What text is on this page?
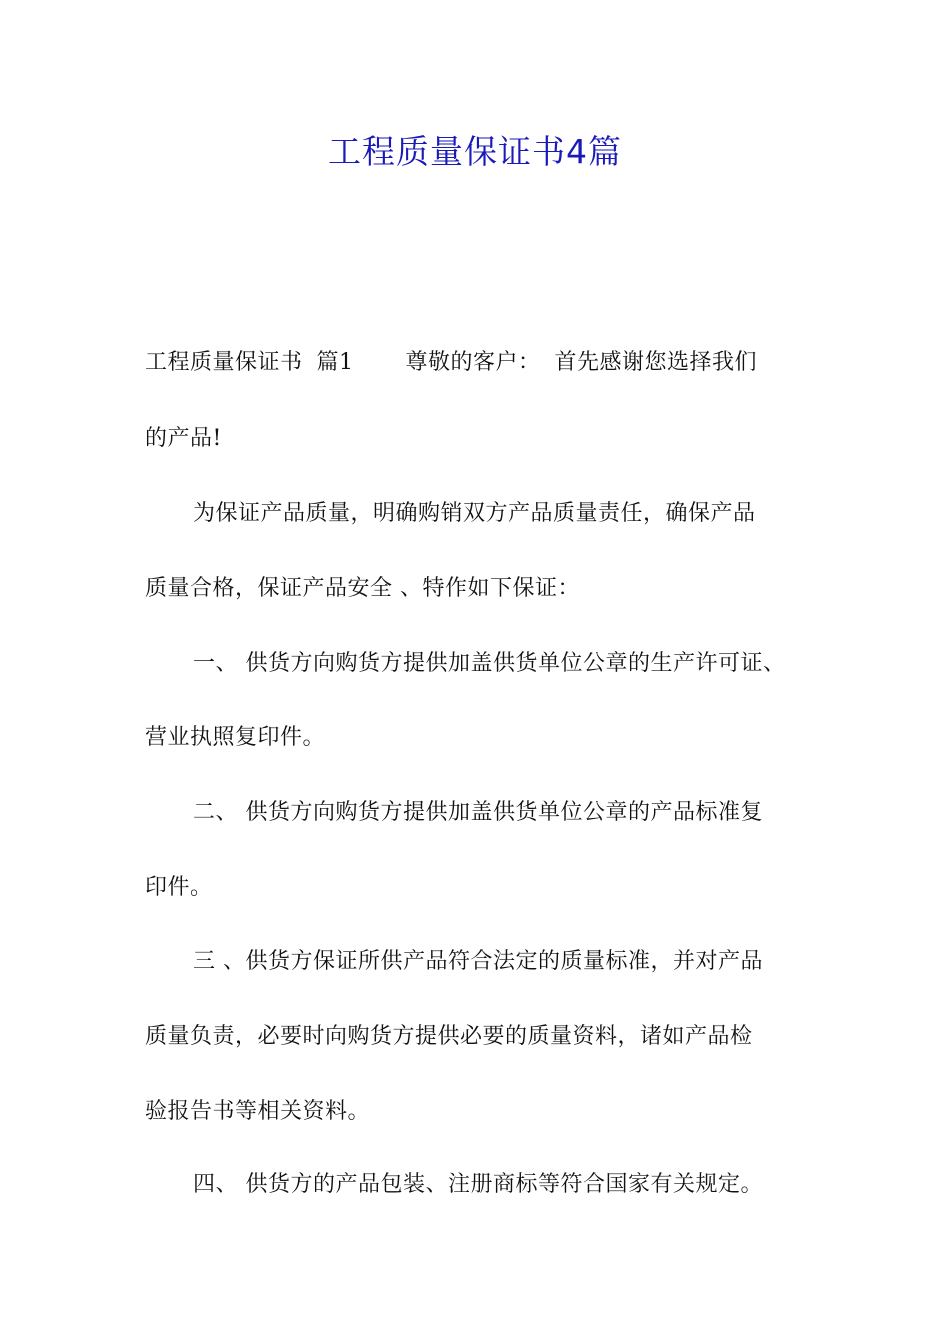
工程质量保证书4篇
工程质量保证书 篇1 尊敬的客户： 首先感谢您选择我们
的产品!
为保证产品质量，明确购销双方产品质量责任，确保产品
质量合格，保证产品安全 、特作如下保证：
一、 供货方向购货方提供加盖供货单位公章的生产许可证、
营业执照复印件。
二、 供货方向购货方提供加盖供货单位公章的产品标准复
印件。
三 、供货方保证所供产品符合法定的质量标准，并对产品
质量负责，必要时向购货方提供必要的质量资料，诸如产品检
验报告书等相关资料。
四、 供货方的产品包装、注册商标等符合国家有关规定。
